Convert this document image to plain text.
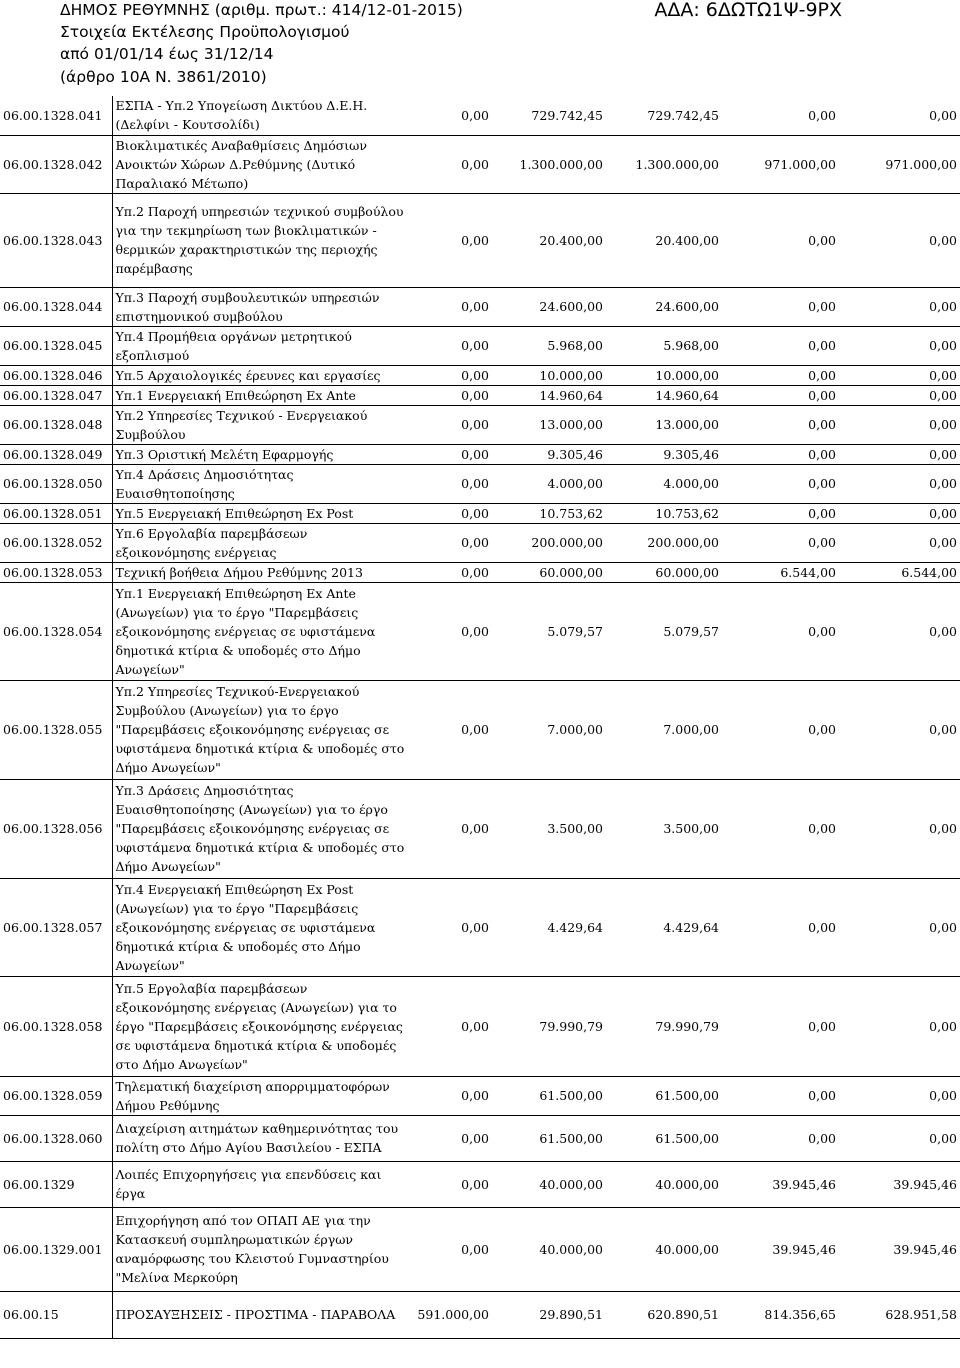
ΔΗΜΟΣ ΡΕΘΥΜΝΗΣ (αριθμ. πρωτ.: 414/12-01-2015)
Στοιχεία Εκτέλεσης Προϋπολογισμού
από 01/01/14 έως 31/12/14
(άρθρο 10Α Ν. 3861/2010)
ΑΔΑ: 6ΔΩΤΩ1Ψ-9ΡΧ
06.00.1328.041	ΕΣΠΑ - Υπ.2 Υπογείωση Δικτύου Δ.Ε.Η. (Δελφίνι - Κουτσολίδι)	0,00	729.742,45	729.742,45	0,00	0,00
06.00.1328.042	Βιοκλιματικές Αναβαθμίσεις Δημόσιων Ανοικτών Χώρων Δ.Ρεθύμνης (Δυτικό Παραλιακό Μέτωπο)	0,00	1.300.000,00	1.300.000,00	971.000,00	971.000,00
06.00.1328.043	Υπ.2 Παροχή υπηρεσιών τεχνικού συμβούλου για την τεκμηρίωση των βιοκλιματικών - θερμικών χαρακτηριστικών της περιοχής παρέμβασης	0,00	20.400,00	20.400,00	0,00	0,00
06.00.1328.044	Υπ.3 Παροχή συμβουλευτικών υπηρεσιών επιστημονικού συμβούλου	0,00	24.600,00	24.600,00	0,00	0,00
06.00.1328.045	Υπ.4 Προμήθεια οργάνων μετρητικού εξοπλισμού	0,00	5.968,00	5.968,00	0,00	0,00
06.00.1328.046	Υπ.5 Αρχαιολογικές έρευνες και εργασίες	0,00	10.000,00	10.000,00	0,00	0,00
06.00.1328.047	Υπ.1 Ενεργειακή Επιθεώρηση Ex Ante	0,00	14.960,64	14.960,64	0,00	0,00
06.00.1328.048	Υπ.2 Υπηρεσίες Τεχνικού - Ενεργειακού Συμβούλου	0,00	13.000,00	13.000,00	0,00	0,00
06.00.1328.049	Υπ.3 Οριστική Μελέτη Εφαρμογής	0,00	9.305,46	9.305,46	0,00	0,00
06.00.1328.050	Υπ.4 Δράσεις Δημοσιότητας Ευαισθητοποίησης	0,00	4.000,00	4.000,00	0,00	0,00
06.00.1328.051	Υπ.5 Ενεργειακή Επιθεώρηση Ex Post	0,00	10.753,62	10.753,62	0,00	0,00
06.00.1328.052	Υπ.6 Εργολαβία παρεμβάσεων εξοικονόμησης ενέργειας	0,00	200.000,00	200.000,00	0,00	0,00
06.00.1328.053	Τεχνική βοήθεια Δήμου Ρεθύμνης 2013	0,00	60.000,00	60.000,00	6.544,00	6.544,00
06.00.1328.054	Υπ.1 Ενεργειακή Επιθεώρηση Ex Ante (Ανωγείων) για το έργο "Παρεμβάσεις εξοικονόμησης ενέργειας σε υφιστάμενα δημοτικά κτίρια & υποδομές στο Δήμο Ανωγείων"	0,00	5.079,57	5.079,57	0,00	0,00
06.00.1328.055	Υπ.2 Υπηρεσίες Τεχνικού-Ενεργειακού Συμβούλου (Ανωγείων) για το έργο "Παρεμβάσεις εξοικονόμησης ενέργειας σε υφιστάμενα δημοτικά κτίρια & υποδομές στο Δήμο Ανωγείων"	0,00	7.000,00	7.000,00	0,00	0,00
06.00.1328.056	Υπ.3 Δράσεις Δημοσιότητας Ευαισθητοποίησης (Ανωγείων) για το έργο "Παρεμβάσεις εξοικονόμησης ενέργειας σε υφιστάμενα δημοτικά κτίρια & υποδομές στο Δήμο Ανωγείων"	0,00	3.500,00	3.500,00	0,00	0,00
06.00.1328.057	Υπ.4 Ενεργειακή Επιθεώρηση Ex Post (Ανωγείων) για το έργο "Παρεμβάσεις εξοικονόμησης ενέργειας σε υφιστάμενα δημοτικά κτίρια & υποδομές στο Δήμο Ανωγείων"	0,00	4.429,64	4.429,64	0,00	0,00
06.00.1328.058	Υπ.5 Εργολαβία παρεμβάσεων εξοικονόμησης ενέργειας (Ανωγείων) για το έργο "Παρεμβάσεις εξοικονόμησης ενέργειας σε υφιστάμενα δημοτικά κτίρια & υποδομές στο Δήμο Ανωγείων"	0,00	79.990,79	79.990,79	0,00	0,00
06.00.1328.059	Τηλεματική διαχείριση απορριμματοφόρων Δήμου Ρεθύμνης	0,00	61.500,00	61.500,00	0,00	0,00
06.00.1328.060	Διαχείριση αιτημάτων καθημερινότητας του πολίτη στο Δήμο Αγίου Βασιλείου - ΕΣΠΑ	0,00	61.500,00	61.500,00	0,00	0,00
06.00.1329	Λοιπές Επιχορηγήσεις για επενδύσεις και έργα	0,00	40.000,00	40.000,00	39.945,46	39.945,46
06.00.1329.001	Επιχορήγηση από τον ΟΠΑΠ ΑΕ για την Κατασκευή συμπληρωματικών έργων αναμόρφωσης του Κλειστού Γυμναστηρίου "Μελίνα Μερκούρη	0,00	40.000,00	40.000,00	39.945,46	39.945,46
06.00.15	ΠΡΟΣΑΥΞΗΣΕΙΣ - ΠΡΟΣΤΙΜΑ - ΠΑΡΑΒΟΛΑ	591.000,00	29.890,51	620.890,51	814.356,65	628.951,58
